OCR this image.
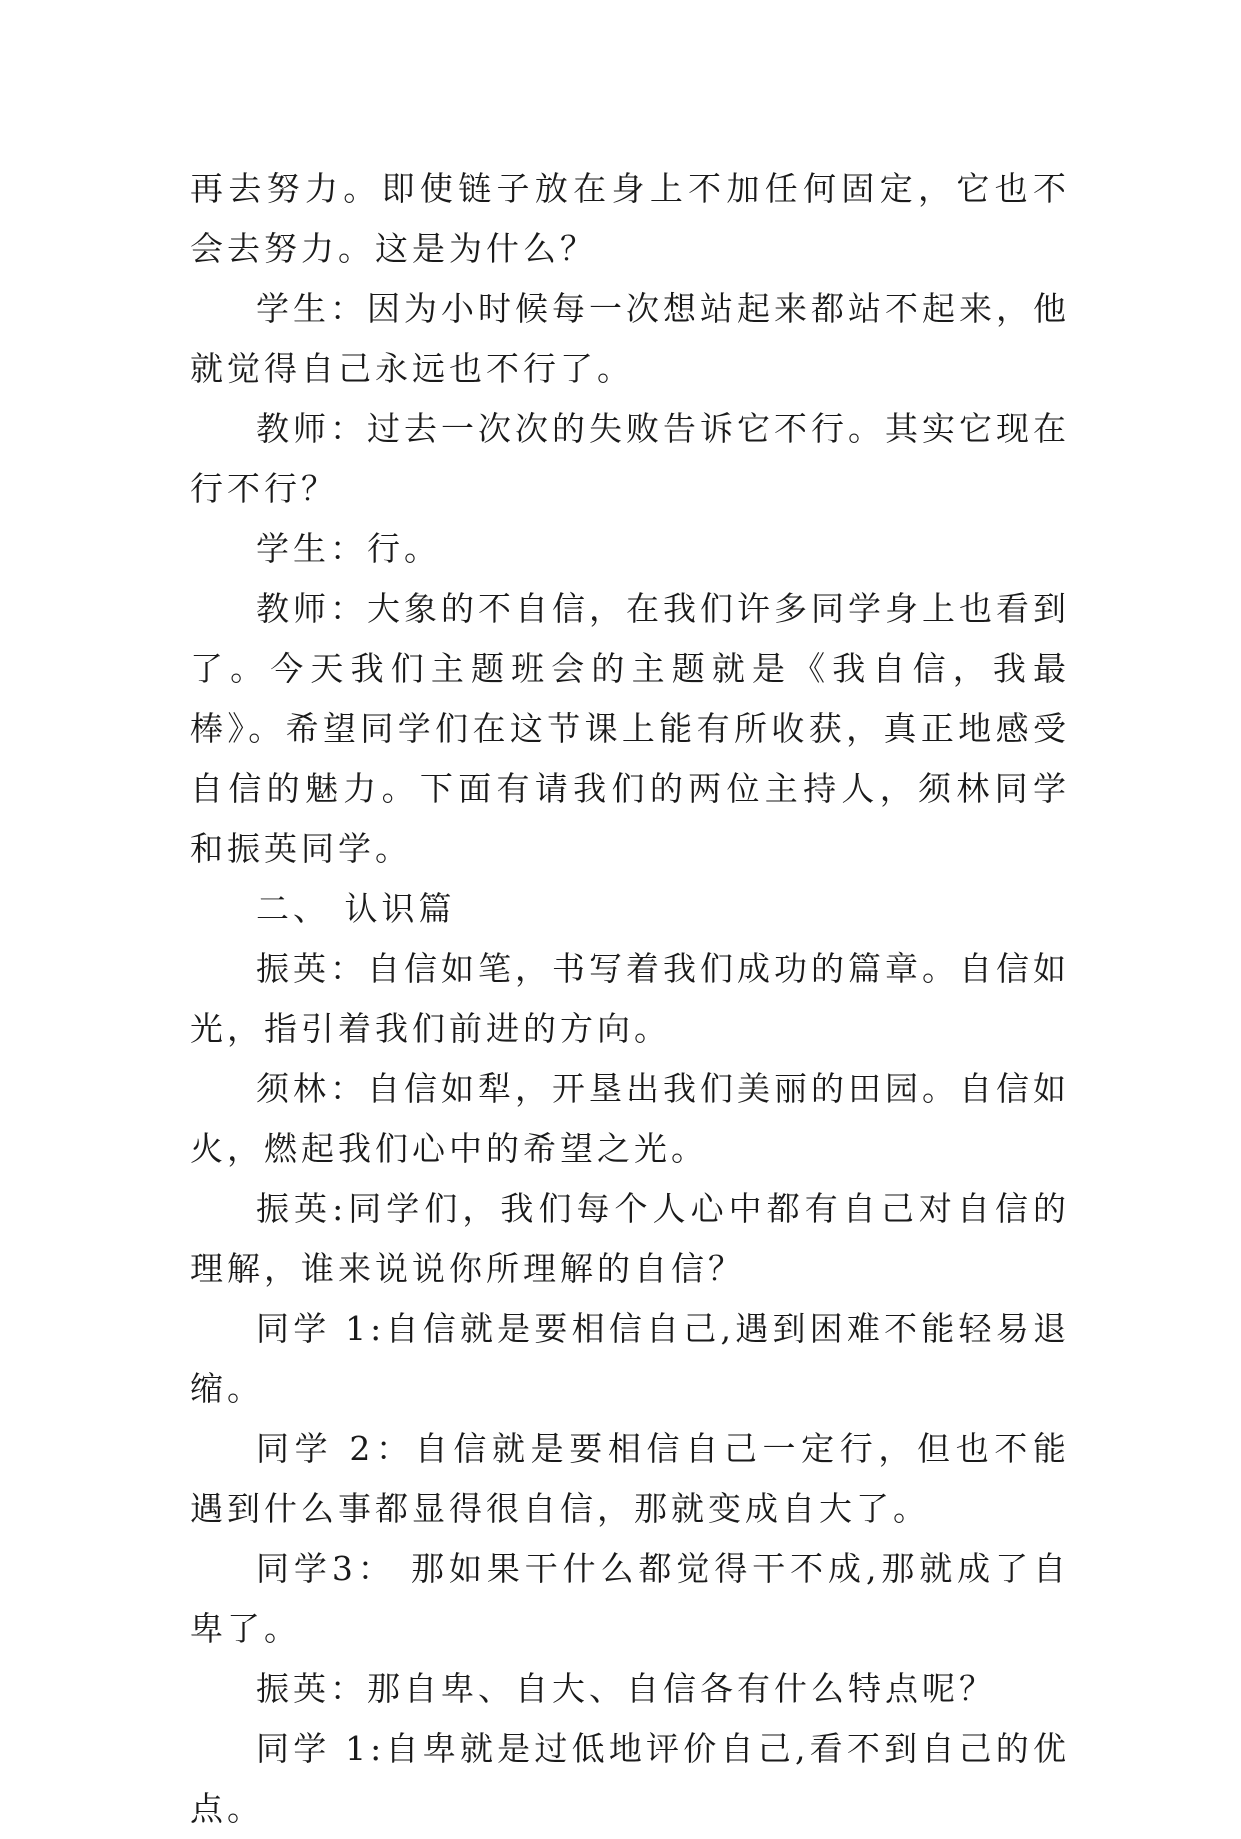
再去努力。即使链子放在身上不加任何固定，它也不会去努力。这是为什么？

学生：因为小时候每一次想站起来都站不起来，他就觉得自己永远也不行了。

教师：过去一次次的失败告诉它不行。其实它现在行不行？

学生：行。

教师：大象的不自信，在我们许多同学身上也看到了。今天我们主题班会的主题就是《我自信，我最棒》。希望同学们在这节课上能有所收获，真正地感受自信的魅力。下面有请我们的两位主持人，须林同学和振英同学。

二、 认识篇

振英：自信如笔，书写着我们成功的篇章。自信如光，指引着我们前进的方向。

须林：自信如犁，开垦出我们美丽的田园。自信如火，燃起我们心中的希望之光。

振英:同学们，我们每个人心中都有自己对自信的理解，谁来说说你所理解的自信？

同学 1:自信就是要相信自己,遇到困难不能轻易退缩。

同学 2：自信就是要相信自己一定行，但也不能遇到什么事都显得很自信，那就变成自大了。

同学3： 那如果干什么都觉得干不成,那就成了自卑了。

振英：那自卑、自大、自信各有什么特点呢？

同学 1:自卑就是过低地评价自己,看不到自己的优点。
